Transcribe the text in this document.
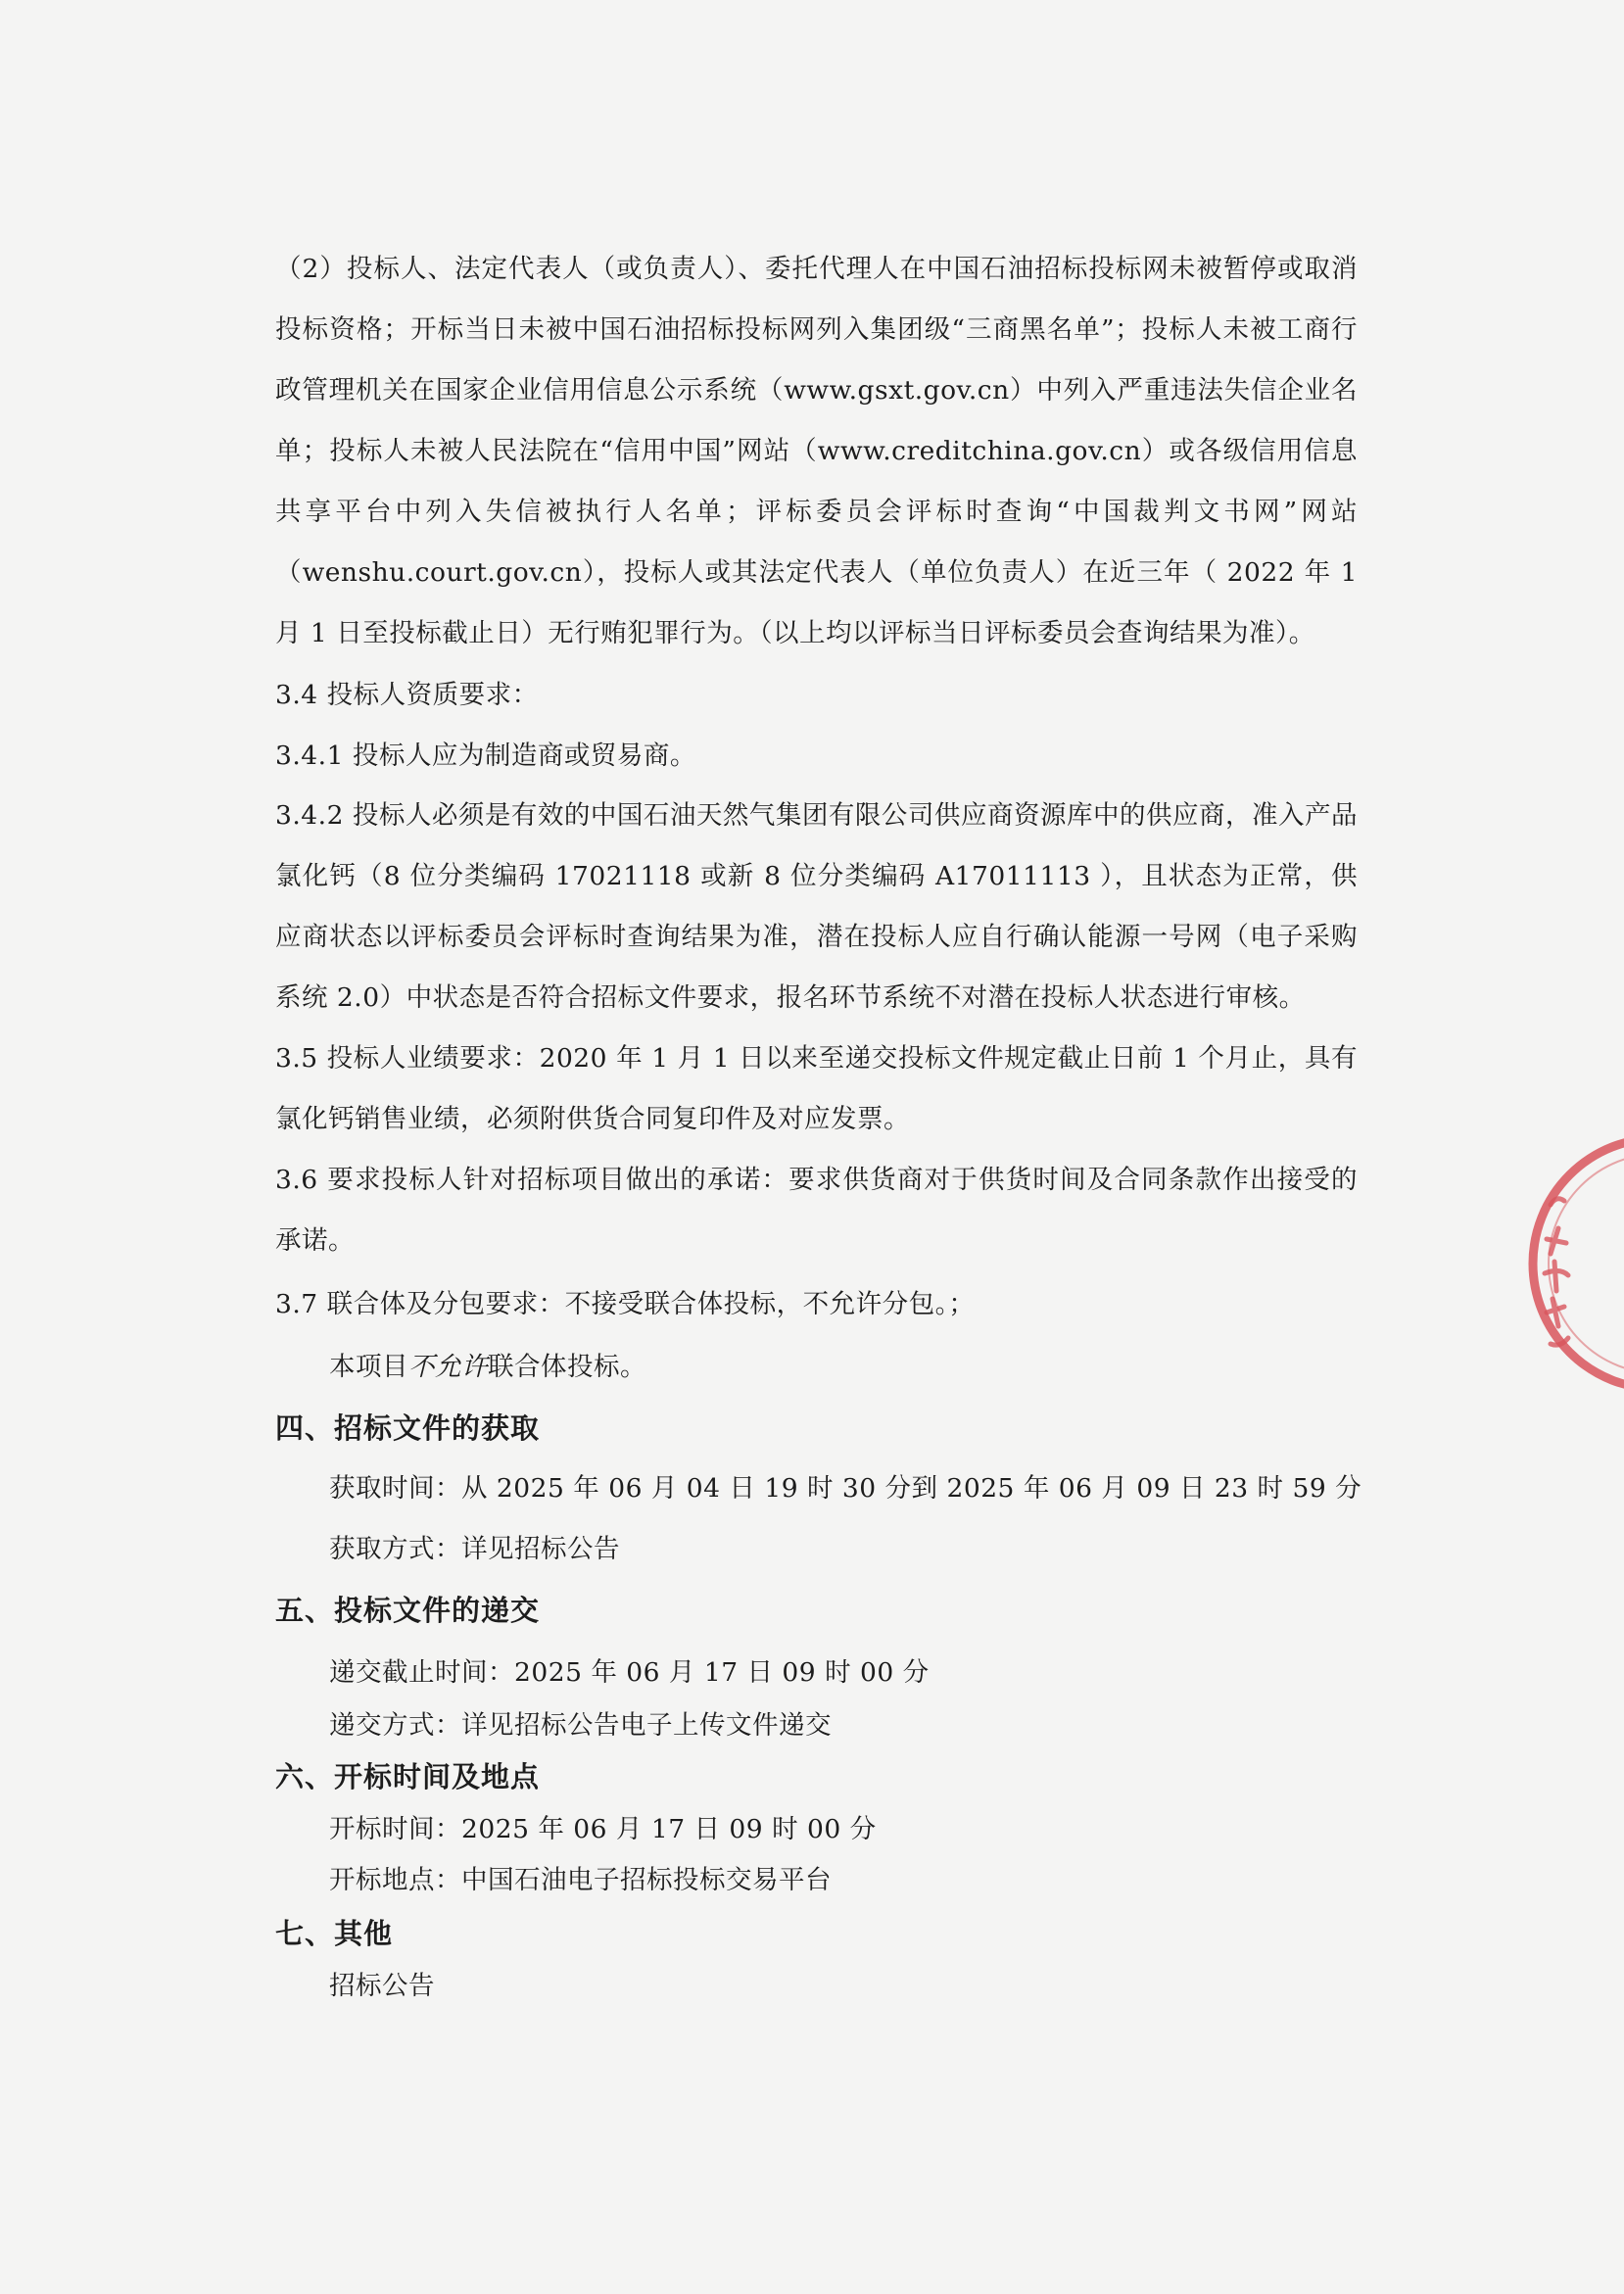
（2）投标人、法定代表人（或负责人）、委托代理人在中国石油招标投标网未被暂停或取消投标资格；开标当日未被中国石油招标投标网列入集团级“三商黑名单”；投标人未被工商行政管理机关在国家企业信用信息公示系统（www.gsxt.gov.cn）中列入严重违法失信企业名单；投标人未被人民法院在“信用中国”网站（www.creditchina.gov.cn）或各级信用信息共享平台中列入失信被执行人名单；评标委员会评标时查询“中国裁判文书网”网站（wenshu.court.gov.cn），投标人或其法定代表人（单位负责人）在近三年（ 2022 年 1 月 1 日至投标截止日）无行贿犯罪行为。（以上均以评标当日评标委员会查询结果为准）。

3.4 投标人资质要求：
3.4.1 投标人应为制造商或贸易商。

3.4.2 投标人必须是有效的中国石油天然气集团有限公司供应商资源库中的供应商，准入产品氯化钙（8 位分类编码 17021118 或新 8 位分类编码 A17011113 ），且状态为正常，供应商状态以评标委员会评标时查询结果为准，潜在投标人应自行确认能源一号网（电子采购系统 2.0）中状态是否符合招标文件要求，报名环节系统不对潜在投标人状态进行审核。

3.5 投标人业绩要求：2020 年 1 月 1 日以来至递交投标文件规定截止日前 1 个月止，具有氯化钙销售业绩，必须附供货合同复印件及对应发票。

3.6 要求投标人针对招标项目做出的承诺：要求供货商对于供货时间及合同条款作出接受的承诺。

3.7 联合体及分包要求：不接受联合体投标，不允许分包。；
本项目不允许联合体投标。
四、招标文件的获取
获取时间：从 2025 年 06 月 04 日 19 时 30 分到 2025 年 06 月 09 日 23 时 59 分
获取方式：详见招标公告
五、投标文件的递交
递交截止时间：2025 年 06 月 17 日 09 时 00 分
递交方式：详见招标公告电子上传文件递交
六、开标时间及地点
开标时间：2025 年 06 月 17 日 09 时 00 分
开标地点：中国石油电子招标投标交易平台
七、其他
招标公告
